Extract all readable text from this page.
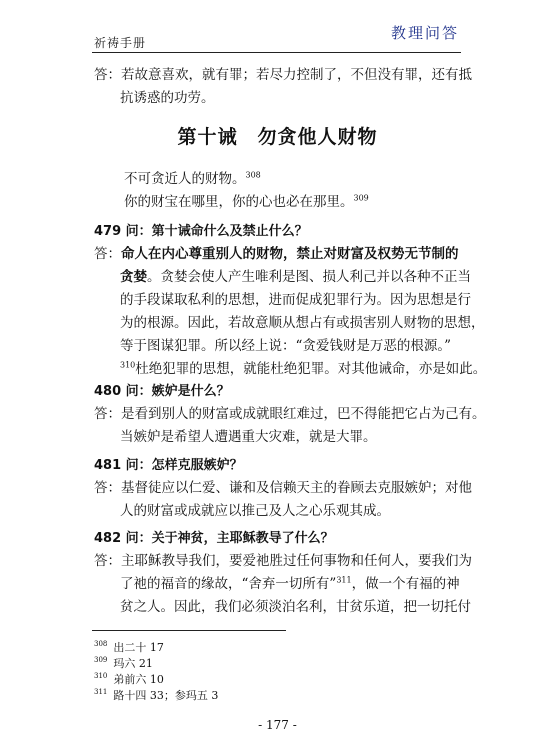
祈祷手册
教理问答
答：若故意喜欢，就有罪；若尽力控制了，不但没有罪，还有抵
抗诱惑的功劳。
第十诫　勿贪他人财物
不可贪近人的财物。$^{308}$
你的财宝在哪里，你的心也必在那里。$^{309}$
479 问：第十诫命什么及禁止什么？
答：命人在内心尊重别人的财物，禁止对财富及权势无节制的
贪婪。贪婪会使人产生唯利是图、损人利己并以各种不正当
的手段谋取私利的思想，进而促成犯罪行为。因为思想是行
为的根源。因此，若故意顺从想占有或损害别人财物的思想，
等于图谋犯罪。所以经上说：“贪爱钱财是万恶的根源。”
$^{310}$杜绝犯罪的思想，就能杜绝犯罪。对其他诫命，亦是如此。
480 问：嫉妒是什么？
答：是看到别人的财富或成就眼红难过，巴不得能把它占为己有。
当嫉妒是希望人遭遇重大灾难，就是大罪。
481 问：怎样克服嫉妒？
答：基督徒应以仁爱、谦和及信赖天主的眷顾去克服嫉妒；对他
人的财富或成就应以推己及人之心乐观其成。
482 问：关于神贫，主耶稣教导了什么？
答：主耶稣教导我们，要爱祂胜过任何事物和任何人，要我们为
了祂的福音的缘故，“舍弃一切所有”$^{311}$，做一个有福的神
贫之人。因此，我们必须淡泊名利，甘贫乐道，把一切托付
$^{308}$ 出二十 17
$^{309}$ 玛六 21
$^{310}$ 弟前六 10
$^{311}$ 路十四 33；参玛五 3
- 177 -
